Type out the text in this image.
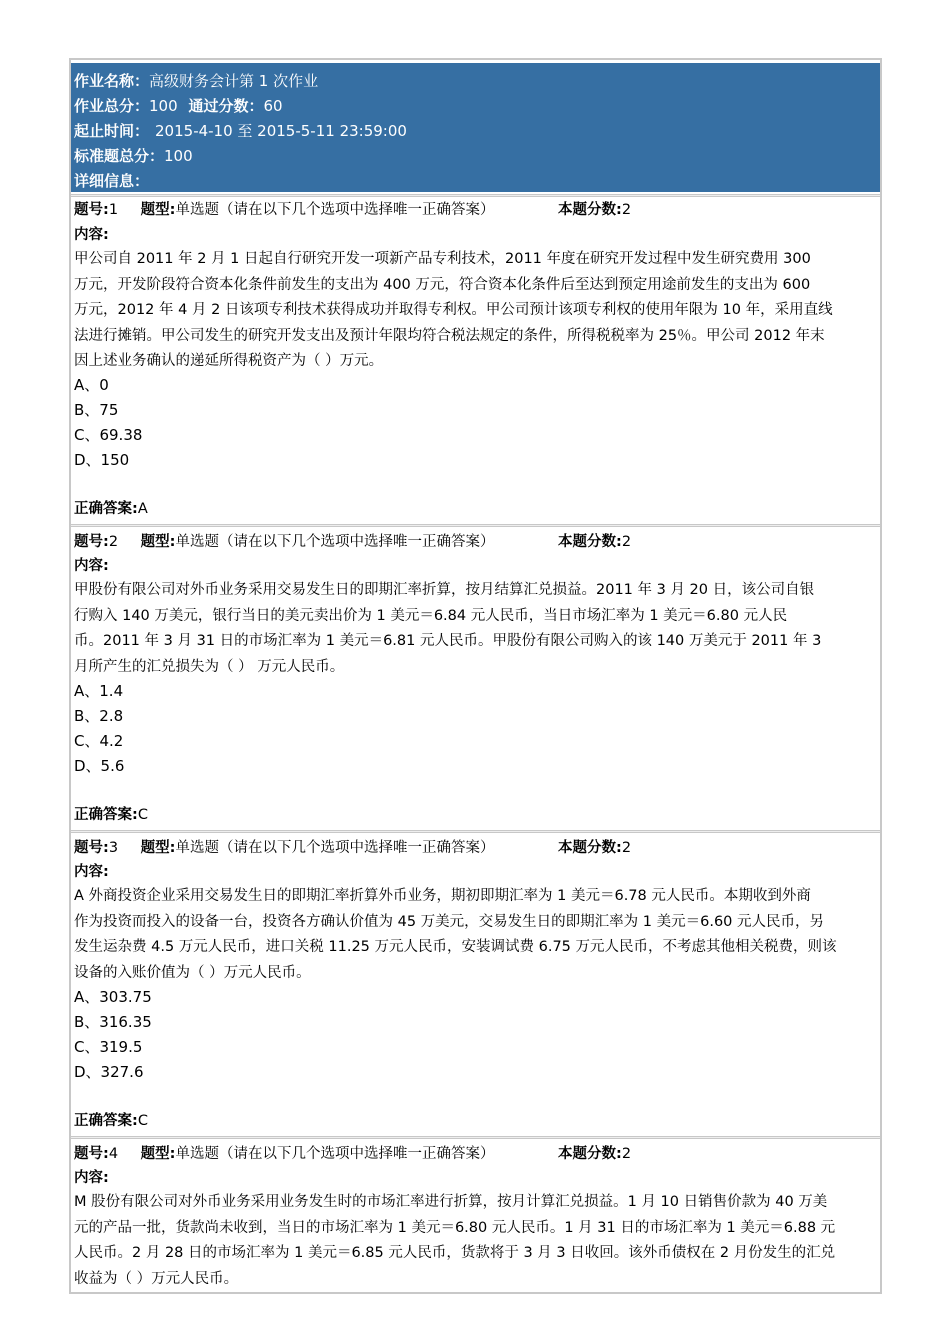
作业名称：高级财务会计第 1 次作业
作业总分：100 通过分数：60
起止时间： 2015-4-10 至 2015-5-11 23:59:00
标准题总分：100
详细信息：
题号:1 题型:单选题（请在以下几个选项中选择唯一正确答案）	本题分数:2
内容:
甲公司自 2011 年 2 月 1 日起自行研究开发一项新产品专利技术，2011 年度在研究开发过程中发生研究费用 300
万元，开发阶段符合资本化条件前发生的支出为 400 万元，符合资本化条件后至达到预定用途前发生的支出为 600
万元，2012 年 4 月 2 日该项专利技术获得成功并取得专利权。甲公司预计该项专利权的使用年限为 10 年，采用直线
法进行摊销。甲公司发生的研究开发支出及预计年限均符合税法规定的条件，所得税税率为 25％。甲公司 2012 年末
因上述业务确认的递延所得税资产为（ ）万元。
A、0
B、75
C、69.38
D、150
正确答案:A
题号:2 题型:单选题（请在以下几个选项中选择唯一正确答案）	本题分数:2
内容:
甲股份有限公司对外币业务采用交易发生日的即期汇率折算，按月结算汇兑损益。2011 年 3 月 20 日，该公司自银
行购入 140 万美元，银行当日的美元卖出价为 1 美元＝6.84 元人民币，当日市场汇率为 1 美元＝6.80 元人民
币。2011 年 3 月 31 日的市场汇率为 1 美元＝6.81 元人民币。甲股份有限公司购入的该 140 万美元于 2011 年 3
月所产生的汇兑损失为（ ） 万元人民币。
A、1.4
B、2.8
C、4.2
D、5.6
正确答案:C
题号:3 题型:单选题（请在以下几个选项中选择唯一正确答案）	本题分数:2
内容:
A 外商投资企业采用交易发生日的即期汇率折算外币业务，期初即期汇率为 1 美元＝6.78 元人民币。本期收到外商
作为投资而投入的设备一台，投资各方确认价值为 45 万美元，交易发生日的即期汇率为 1 美元＝6.60 元人民币，另
发生运杂费 4.5 万元人民币，进口关税 11.25 万元人民币，安装调试费 6.75 万元人民币，不考虑其他相关税费，则该
设备的入账价值为（ ）万元人民币。
A、303.75
B、316.35
C、319.5
D、327.6
正确答案:C
题号:4 题型:单选题（请在以下几个选项中选择唯一正确答案）	本题分数:2
内容:
M 股份有限公司对外币业务采用业务发生时的市场汇率进行折算，按月计算汇兑损益。1 月 10 日销售价款为 40 万美
元的产品一批，货款尚未收到，当日的市场汇率为 1 美元＝6.80 元人民币。1 月 31 日的市场汇率为 1 美元＝6.88 元
人民币。2 月 28 日的市场汇率为 1 美元＝6.85 元人民币，货款将于 3 月 3 日收回。该外币债权在 2 月份发生的汇兑
收益为（ ）万元人民币。
